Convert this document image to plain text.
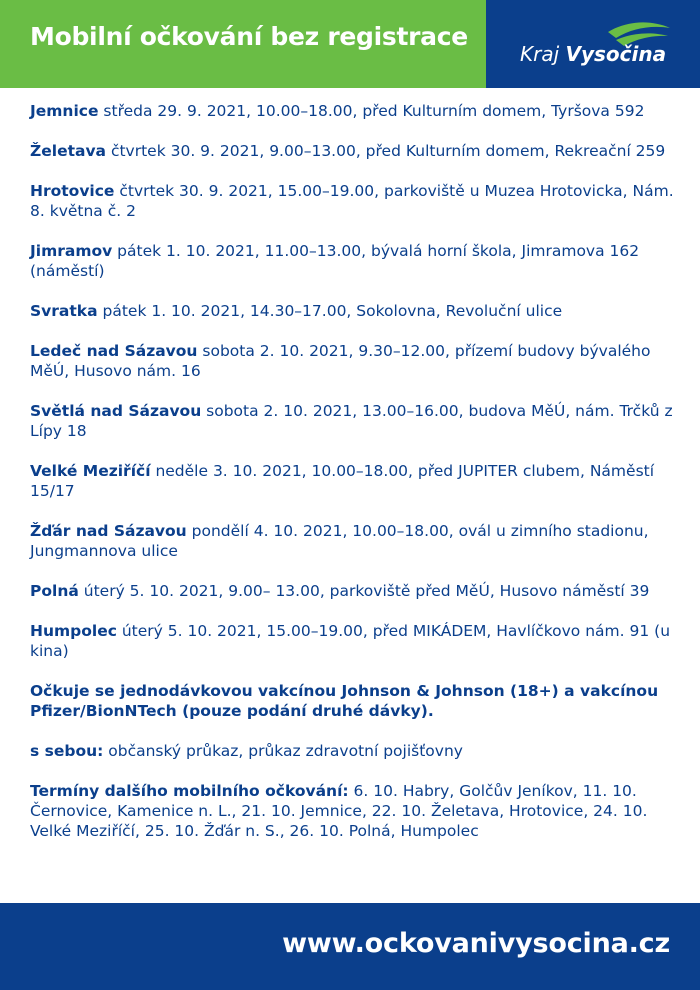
Mobilní očkování bez registrace
Kraj Vysočina
Jemnice středa 29. 9. 2021, 10.00–18.00, před Kulturním domem, Tyršova 592
Želetava čtvrtek 30. 9. 2021, 9.00–13.00, před Kulturním domem, Rekreační 259
Hrotovice čtvrtek 30. 9. 2021, 15.00–19.00, parkoviště u Muzea Hrotovicka, Nám. 8. května č. 2
Jimramov pátek 1. 10. 2021, 11.00–13.00, bývalá horní škola, Jimramova 162 (náměstí)
Svratka pátek 1. 10. 2021, 14.30–17.00, Sokolovna, Revoluční ulice
Ledeč nad Sázavou sobota 2. 10. 2021, 9.30–12.00, přízemí budovy bývalého MěÚ, Husovo nám. 16
Světlá nad Sázavou sobota 2. 10. 2021, 13.00–16.00, budova MěÚ, nám. Trčků z Lípy 18
Velké Meziříčí neděle 3. 10. 2021, 10.00–18.00, před JUPITER clubem, Náměstí 15/17
Žďár nad Sázavou pondělí 4. 10. 2021, 10.00–18.00, ovál u zimního stadionu, Jungmannova ulice
Polná úterý 5. 10. 2021, 9.00– 13.00, parkoviště před MěÚ, Husovo náměstí 39
Humpolec úterý 5. 10. 2021, 15.00–19.00, před MIKÁDEM, Havlíčkovo nám. 91 (u kina)
Očkuje se jednodávkovou vakcínou Johnson & Johnson (18+) a vakcínou Pfizer/BionNTech (pouze podání druhé dávky).
s sebou: občanský průkaz, průkaz zdravotní pojišťovny
Termíny dalšího mobilního očkování: 6. 10. Habry, Golčův Jeníkov, 11. 10. Černovice, Kamenice n. L., 21. 10. Jemnice, 22. 10. Želetava, Hrotovice, 24. 10. Velké Meziříčí, 25. 10. Žďár n. S., 26. 10. Polná, Humpolec
www.ockovanivysocina.cz
